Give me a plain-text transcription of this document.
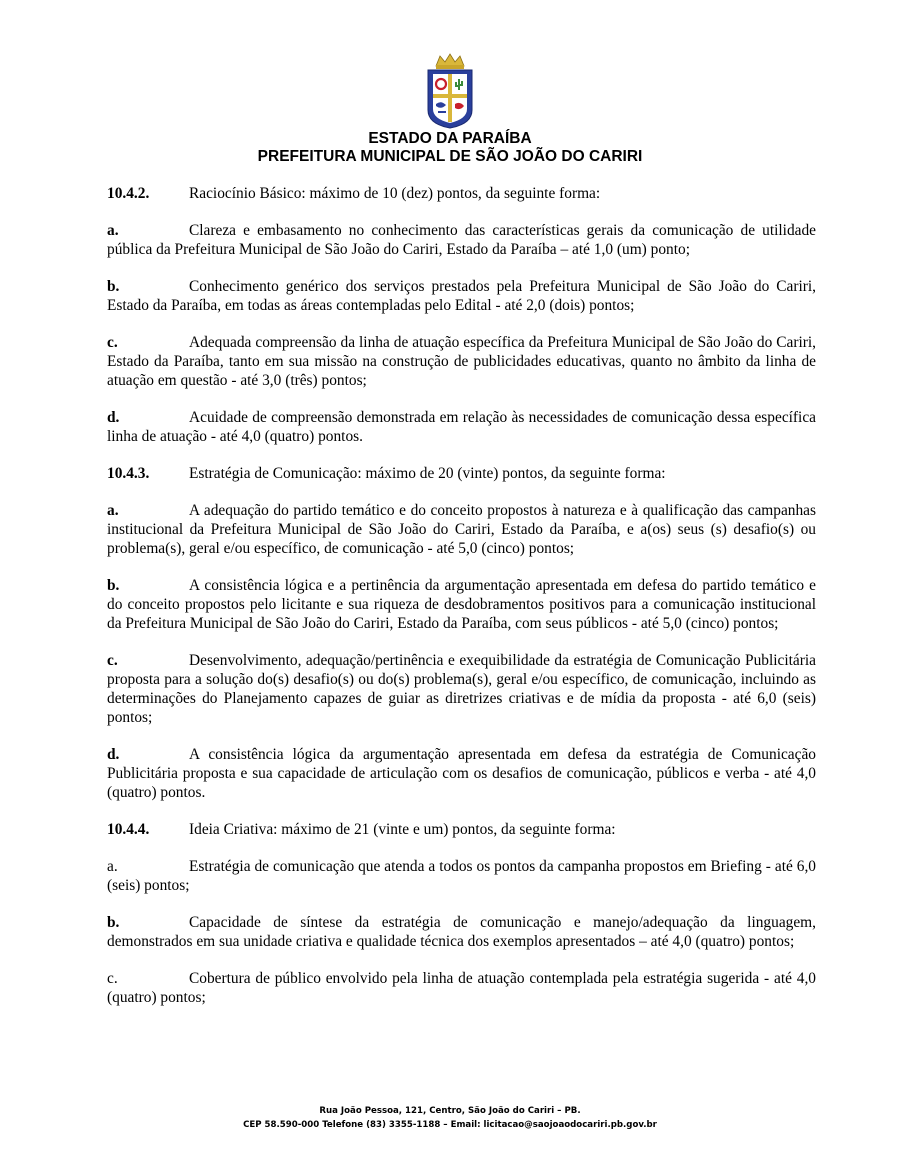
ESTADO DA PARAÍBA
PREFEITURA MUNICIPAL DE SÃO JOÃO DO CARIRI
10.4.2.	Raciocínio Básico: máximo de 10 (dez) pontos, da seguinte forma:

a.	Clareza e embasamento no conhecimento das características gerais da comunicação de utilidade pública da Prefeitura Municipal de São João do Cariri, Estado da Paraíba – até 1,0 (um) ponto;

b.	Conhecimento genérico dos serviços prestados pela Prefeitura Municipal de São João do Cariri, Estado da Paraíba, em todas as áreas contempladas pelo Edital - até 2,0 (dois) pontos;

c.	Adequada compreensão da linha de atuação específica da Prefeitura Municipal de São João do Cariri, Estado da Paraíba, tanto em sua missão na construção de publicidades educativas, quanto no âmbito da linha de atuação em questão - até 3,0 (três) pontos;

d.	Acuidade de compreensão demonstrada em relação às necessidades de comunicação dessa específica linha de atuação - até 4,0 (quatro) pontos.

10.4.3.	Estratégia de Comunicação: máximo de 20 (vinte) pontos, da seguinte forma:

a.	A adequação do partido temático e do conceito propostos à natureza e à qualificação das campanhas institucional da Prefeitura Municipal de São João do Cariri, Estado da Paraíba, e a(os) seus (s) desafio(s) ou problema(s), geral e/ou específico, de comunicação - até 5,0 (cinco) pontos;

b.	A consistência lógica e a pertinência da argumentação apresentada em defesa do partido temático e do conceito propostos pelo licitante e sua riqueza de desdobramentos positivos para a comunicação institucional da Prefeitura Municipal de São João do Cariri, Estado da Paraíba, com seus públicos - até 5,0 (cinco) pontos;

c.	Desenvolvimento, adequação/pertinência e exequibilidade da estratégia de Comunicação Publicitária proposta para a solução do(s) desafio(s) ou do(s) problema(s), geral e/ou específico, de comunicação, incluindo as determinações do Planejamento capazes de guiar as diretrizes criativas e de mídia da proposta - até 6,0 (seis) pontos;

d.	A consistência lógica da argumentação apresentada em defesa da estratégia de Comunicação Publicitária proposta e sua capacidade de articulação com os desafios de comunicação, públicos e verba - até 4,0 (quatro) pontos.

10.4.4.	Ideia Criativa: máximo de 21 (vinte e um) pontos, da seguinte forma:

a.	Estratégia de comunicação que atenda a todos os pontos da campanha propostos em Briefing - até 6,0 (seis) pontos;

b.	Capacidade de síntese da estratégia de comunicação e manejo/adequação da linguagem, demonstrados em sua unidade criativa e qualidade técnica dos exemplos apresentados – até 4,0 (quatro) pontos;

c.	Cobertura de público envolvido pela linha de atuação contemplada pela estratégia sugerida - até 4,0 (quatro) pontos;

Rua João Pessoa, 121, Centro, São João do Cariri – PB.
CEP 58.590-000 Telefone (83) 3355-1188 – Email: licitacao@saojoaodocariri.pb.gov.br
